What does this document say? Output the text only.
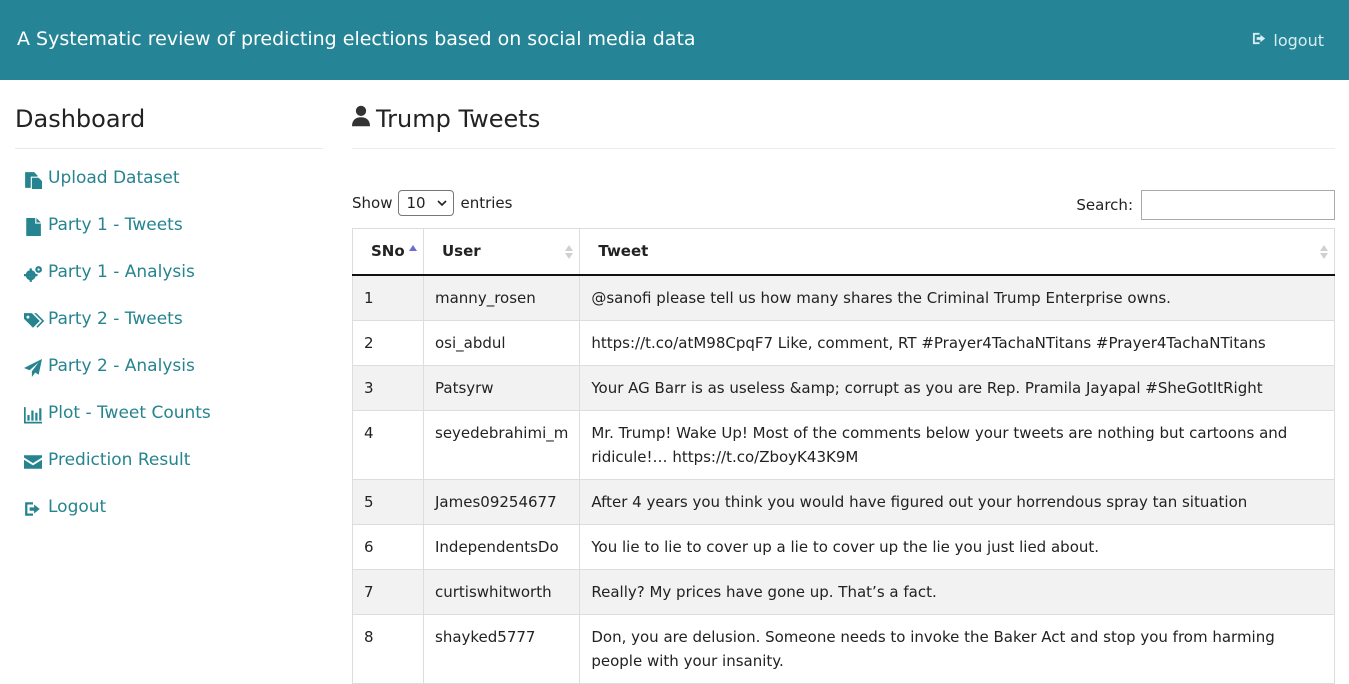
A Systematic review of predicting elections based on social media data	logout
Dashboard
Upload Dataset
Party 1 - Tweets
Party 1 - Analysis
Party 2 - Tweets
Party 2 - Analysis
Plot - Tweet Counts
Prediction Result
Logout
Trump Tweets
Show 10 entries	Search:
SNo	User	Tweet

1	manny_rosen	@sanofi please tell us how many shares the Criminal Trump Enterprise owns.
2	osi_abdul	https://t.co/atM98CpqF7 Like, comment, RT #Prayer4TachaNTitans #Prayer4TachaNTitans
3	Patsyrw	Your AG Barr is as useless &amp; corrupt as you are Rep. Pramila Jayapal #SheGotItRight
4	seyedebrahimi_m	Mr. Trump! Wake Up! Most of the comments below your tweets are nothing but cartoons and ridicule!… https://t.co/ZboyK43K9M
5	James09254677	After 4 years you think you would have figured out your horrendous spray tan situation
6	IndependentsDo	You lie to lie to cover up a lie to cover up the lie you just lied about.
7	curtiswhitworth	Really? My prices have gone up. That’s a fact.
8	shayked5777	Don, you are delusion. Someone needs to invoke the Baker Act and stop you from harming people with your insanity.
